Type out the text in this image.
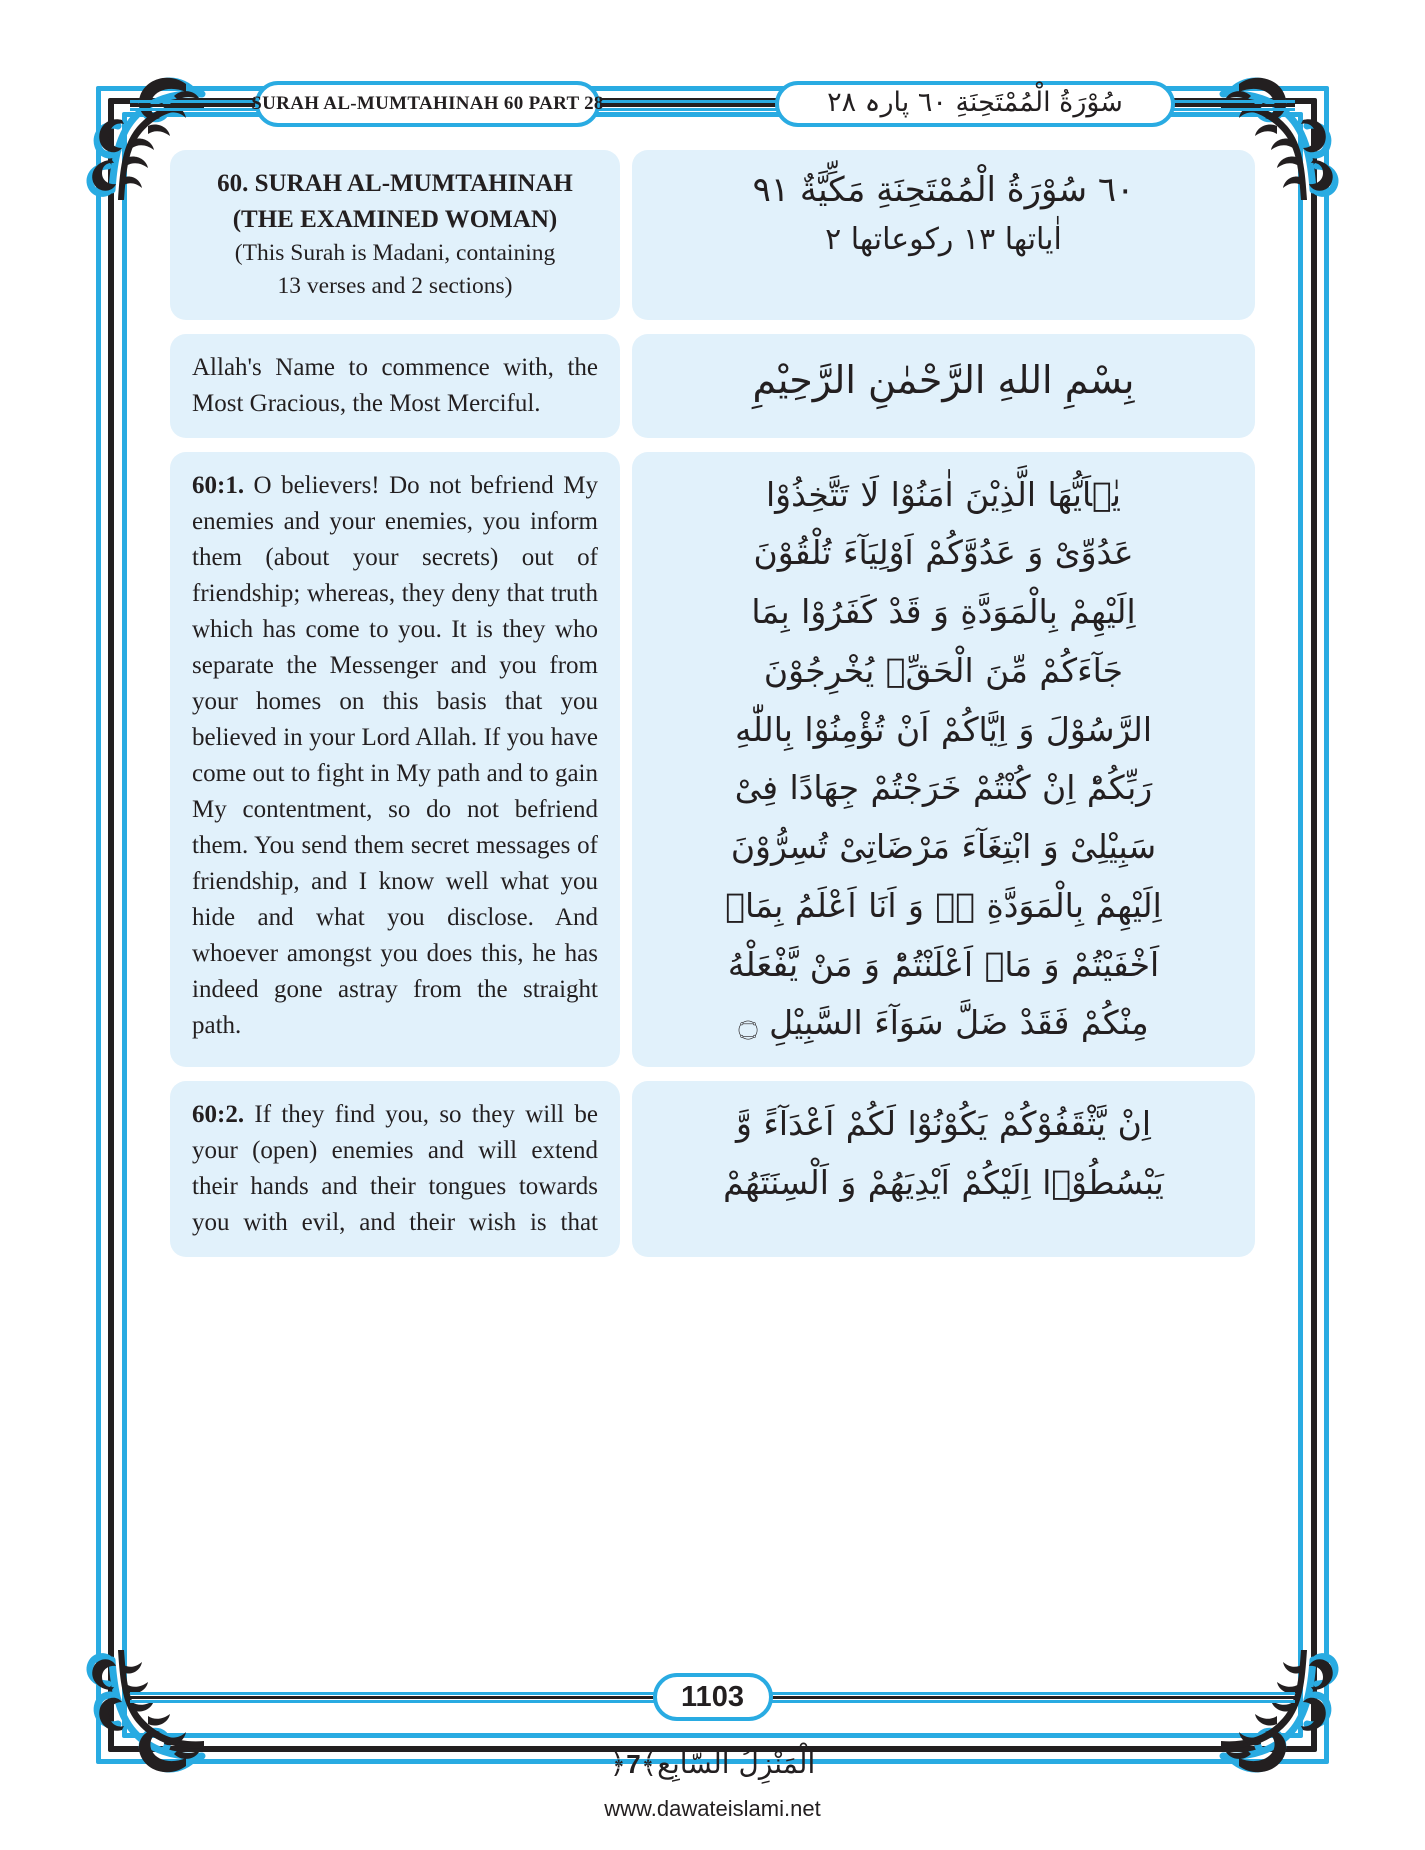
SURAH AL-MUMTAHINAH 60 PART 28	سُوْرَةُ الْمُمْتَحِنَةِ ٦٠ پارہ ٢٨
60. SURAH AL-MUMTAHINAH
(THE EXAMINED WOMAN)
(This Surah is Madani, containing
13 verses and 2 sections)
٦٠ سُوْرَةُ الْمُمْتَحِنَةِ مَكِّيَّةٌ ٩١
اٰیاتها ١٣ رکوعاتها ٢
Allah's Name to commence with, the Most Gracious, the Most Merciful.
بِسْمِ اللهِ الرَّحْمٰنِ الرَّحِيْمِ
60:1. O believers! Do not befriend My enemies and your enemies, you inform them (about your secrets) out of friendship; whereas, they deny that truth which has come to you. It is they who separate the Messenger and you from your homes on this basis that you believed in your Lord Allah. If you have come out to fight in My path and to gain My contentment, so do not befriend them. You send them secret messages of friendship, and I know well what you hide and what you disclose. And whoever amongst you does this, he has indeed gone astray from the straight path.
یٰۤاَیُّهَا الَّذِیْنَ اٰمَنُوْا لَا تَتَّخِذُوْا
عَدُوِّیْ وَ عَدُوَّكُمْ اَوْلِیَآءَ تُلْقُوْنَ
اِلَیْهِمْ بِالْمَوَدَّةِ وَ قَدْ كَفَرُوْا بِمَا
جَآءَكُمْ مِّنَ الْحَقِّۚ یُخْرِجُوْنَ
الرَّسُوْلَ وَ اِیَّاكُمْ اَنْ تُؤْمِنُوْا بِاللّٰهِ
رَبِّكُمْؕ اِنْ كُنْتُمْ خَرَجْتُمْ جِهَادًا فِیْ
سَبِیْلِیْ وَ ابْتِغَآءَ مَرْضَاتِیْ تُسِرُّوْنَ
اِلَیْهِمْ بِالْمَوَدَّةِ ۖۗ وَ اَنَا اَعْلَمُ بِمَاۤ
اَخْفَیْتُمْ وَ مَاۤ اَعْلَنْتُمْؕ وَ مَنْ یَّفْعَلْهُ
مِنْكُمْ فَقَدْ ضَلَّ سَوَآءَ السَّبِیْلِ ۝
60:2. If they find you, so they will be your (open) enemies and will extend their hands and their tongues towards you with evil, and their wish is that
اِنْ یَّثْقَفُوْكُمْ یَكُوْنُوْا لَكُمْ اَعْدَآءً وَّ
یَبْسُطُوْۤا اِلَیْكُمْ اَیْدِیَهُمْ وَ اَلْسِنَتَهُمْ
1103
اَلْمَنْزِلُ السَّابِع﴾7﴿
www.dawateislami.net
